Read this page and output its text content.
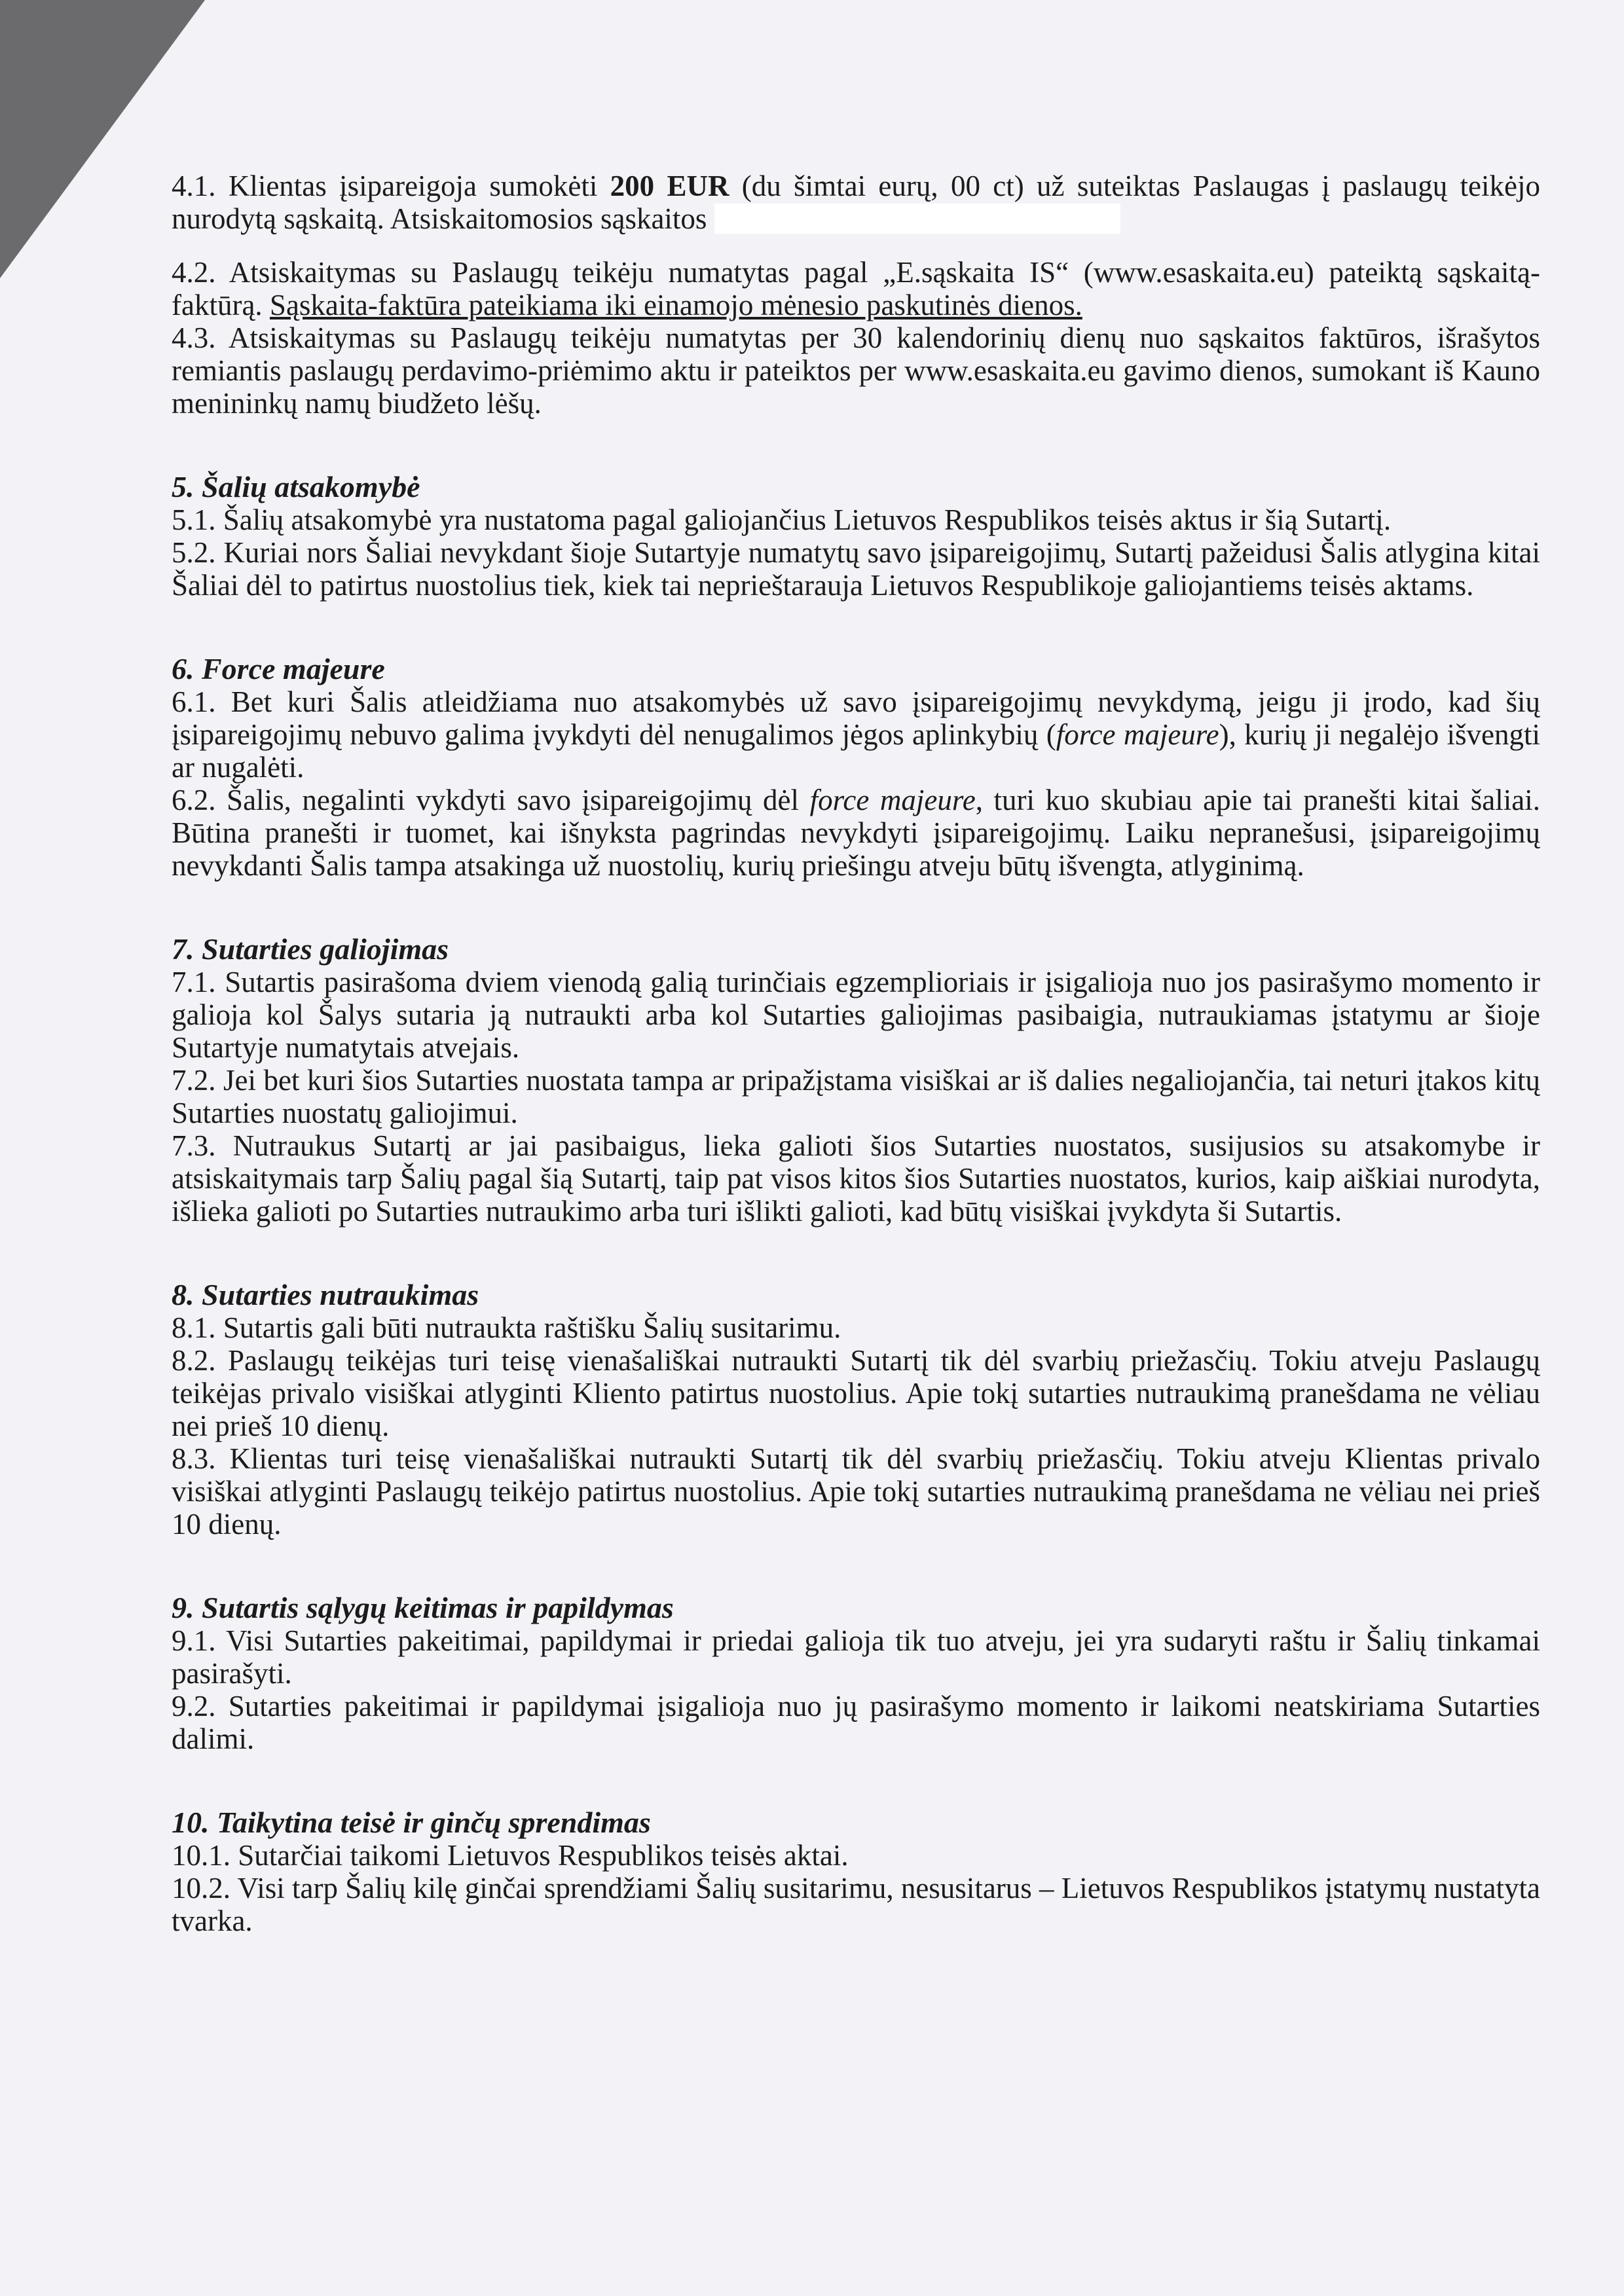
4.1. Klientas įsipareigoja sumokėti 200 EUR (du šimtai eurų, 00 ct) už suteiktas Paslaugas į paslaugų teikėjo nurodytą sąskaitą. Atsiskaitomosios sąskaitos
4.2. Atsiskaitymas su Paslaugų teikėju numatytas pagal „E.sąskaita IS“ (www.esaskaita.eu) pateiktą sąskaitą-faktūrą. Sąskaita-faktūra pateikiama iki einamojo mėnesio paskutinės dienos.
4.3. Atsiskaitymas su Paslaugų teikėju numatytas per 30 kalendorinių dienų nuo sąskaitos faktūros, išrašytos remiantis paslaugų perdavimo-priėmimo aktu ir pateiktos per www.esaskaita.eu gavimo dienos, sumokant iš Kauno menininkų namų biudžeto lėšų.
5. Šalių atsakomybė
5.1. Šalių atsakomybė yra nustatoma pagal galiojančius Lietuvos Respublikos teisės aktus ir šią Sutartį.
5.2. Kuriai nors Šaliai nevykdant šioje Sutartyje numatytų savo įsipareigojimų, Sutartį pažeidusi Šalis atlygina kitai Šaliai dėl to patirtus nuostolius tiek, kiek tai neprieštarauja Lietuvos Respublikoje galiojantiems teisės aktams.
6. Force majeure
6.1. Bet kuri Šalis atleidžiama nuo atsakomybės už savo įsipareigojimų nevykdymą, jeigu ji įrodo, kad šių įsipareigojimų nebuvo galima įvykdyti dėl nenugalimos jėgos aplinkybių (force majeure), kurių ji negalėjo išvengti ar nugalėti.
6.2. Šalis, negalinti vykdyti savo įsipareigojimų dėl force majeure, turi kuo skubiau apie tai pranešti kitai šaliai. Būtina pranešti ir tuomet, kai išnyksta pagrindas nevykdyti įsipareigojimų. Laiku nepranešusi, įsipareigojimų nevykdanti Šalis tampa atsakinga už nuostolių, kurių priešingu atveju būtų išvengta, atlyginimą.
7. Sutarties galiojimas
7.1. Sutartis pasirašoma dviem vienodą galią turinčiais egzemplioriais ir įsigalioja nuo jos pasirašymo momento ir galioja kol Šalys sutaria ją nutraukti arba kol Sutarties galiojimas pasibaigia, nutraukiamas įstatymu ar šioje Sutartyje numatytais atvejais.
7.2. Jei bet kuri šios Sutarties nuostata tampa ar pripažįstama visiškai ar iš dalies negaliojančia, tai neturi įtakos kitų Sutarties nuostatų galiojimui.
7.3. Nutraukus Sutartį ar jai pasibaigus, lieka galioti šios Sutarties nuostatos, susijusios su atsakomybe ir atsiskaitymais tarp Šalių pagal šią Sutartį, taip pat visos kitos šios Sutarties nuostatos, kurios, kaip aiškiai nurodyta, išlieka galioti po Sutarties nutraukimo arba turi išlikti galioti, kad būtų visiškai įvykdyta ši Sutartis.
8. Sutarties nutraukimas
8.1. Sutartis gali būti nutraukta raštišku Šalių susitarimu.
8.2. Paslaugų teikėjas turi teisę vienašališkai nutraukti Sutartį tik dėl svarbių priežasčių. Tokiu atveju Paslaugų teikėjas privalo visiškai atlyginti Kliento patirtus nuostolius. Apie tokį sutarties nutraukimą pranešdama ne vėliau nei prieš 10 dienų.
8.3. Klientas turi teisę vienašališkai nutraukti Sutartį tik dėl svarbių priežasčių. Tokiu atveju Klientas privalo visiškai atlyginti Paslaugų teikėjo patirtus nuostolius. Apie tokį sutarties nutraukimą pranešdama ne vėliau nei prieš 10 dienų.
9. Sutartis sąlygų keitimas ir papildymas
9.1. Visi Sutarties pakeitimai, papildymai ir priedai galioja tik tuo atveju, jei yra sudaryti raštu ir Šalių tinkamai pasirašyti.
9.2. Sutarties pakeitimai ir papildymai įsigalioja nuo jų pasirašymo momento ir laikomi neatskiriama Sutarties dalimi.
10. Taikytina teisė ir ginčų sprendimas
10.1. Sutarčiai taikomi Lietuvos Respublikos teisės aktai.
10.2. Visi tarp Šalių kilę ginčai sprendžiami Šalių susitarimu, nesusitarus – Lietuvos Respublikos įstatymų nustatyta tvarka.
